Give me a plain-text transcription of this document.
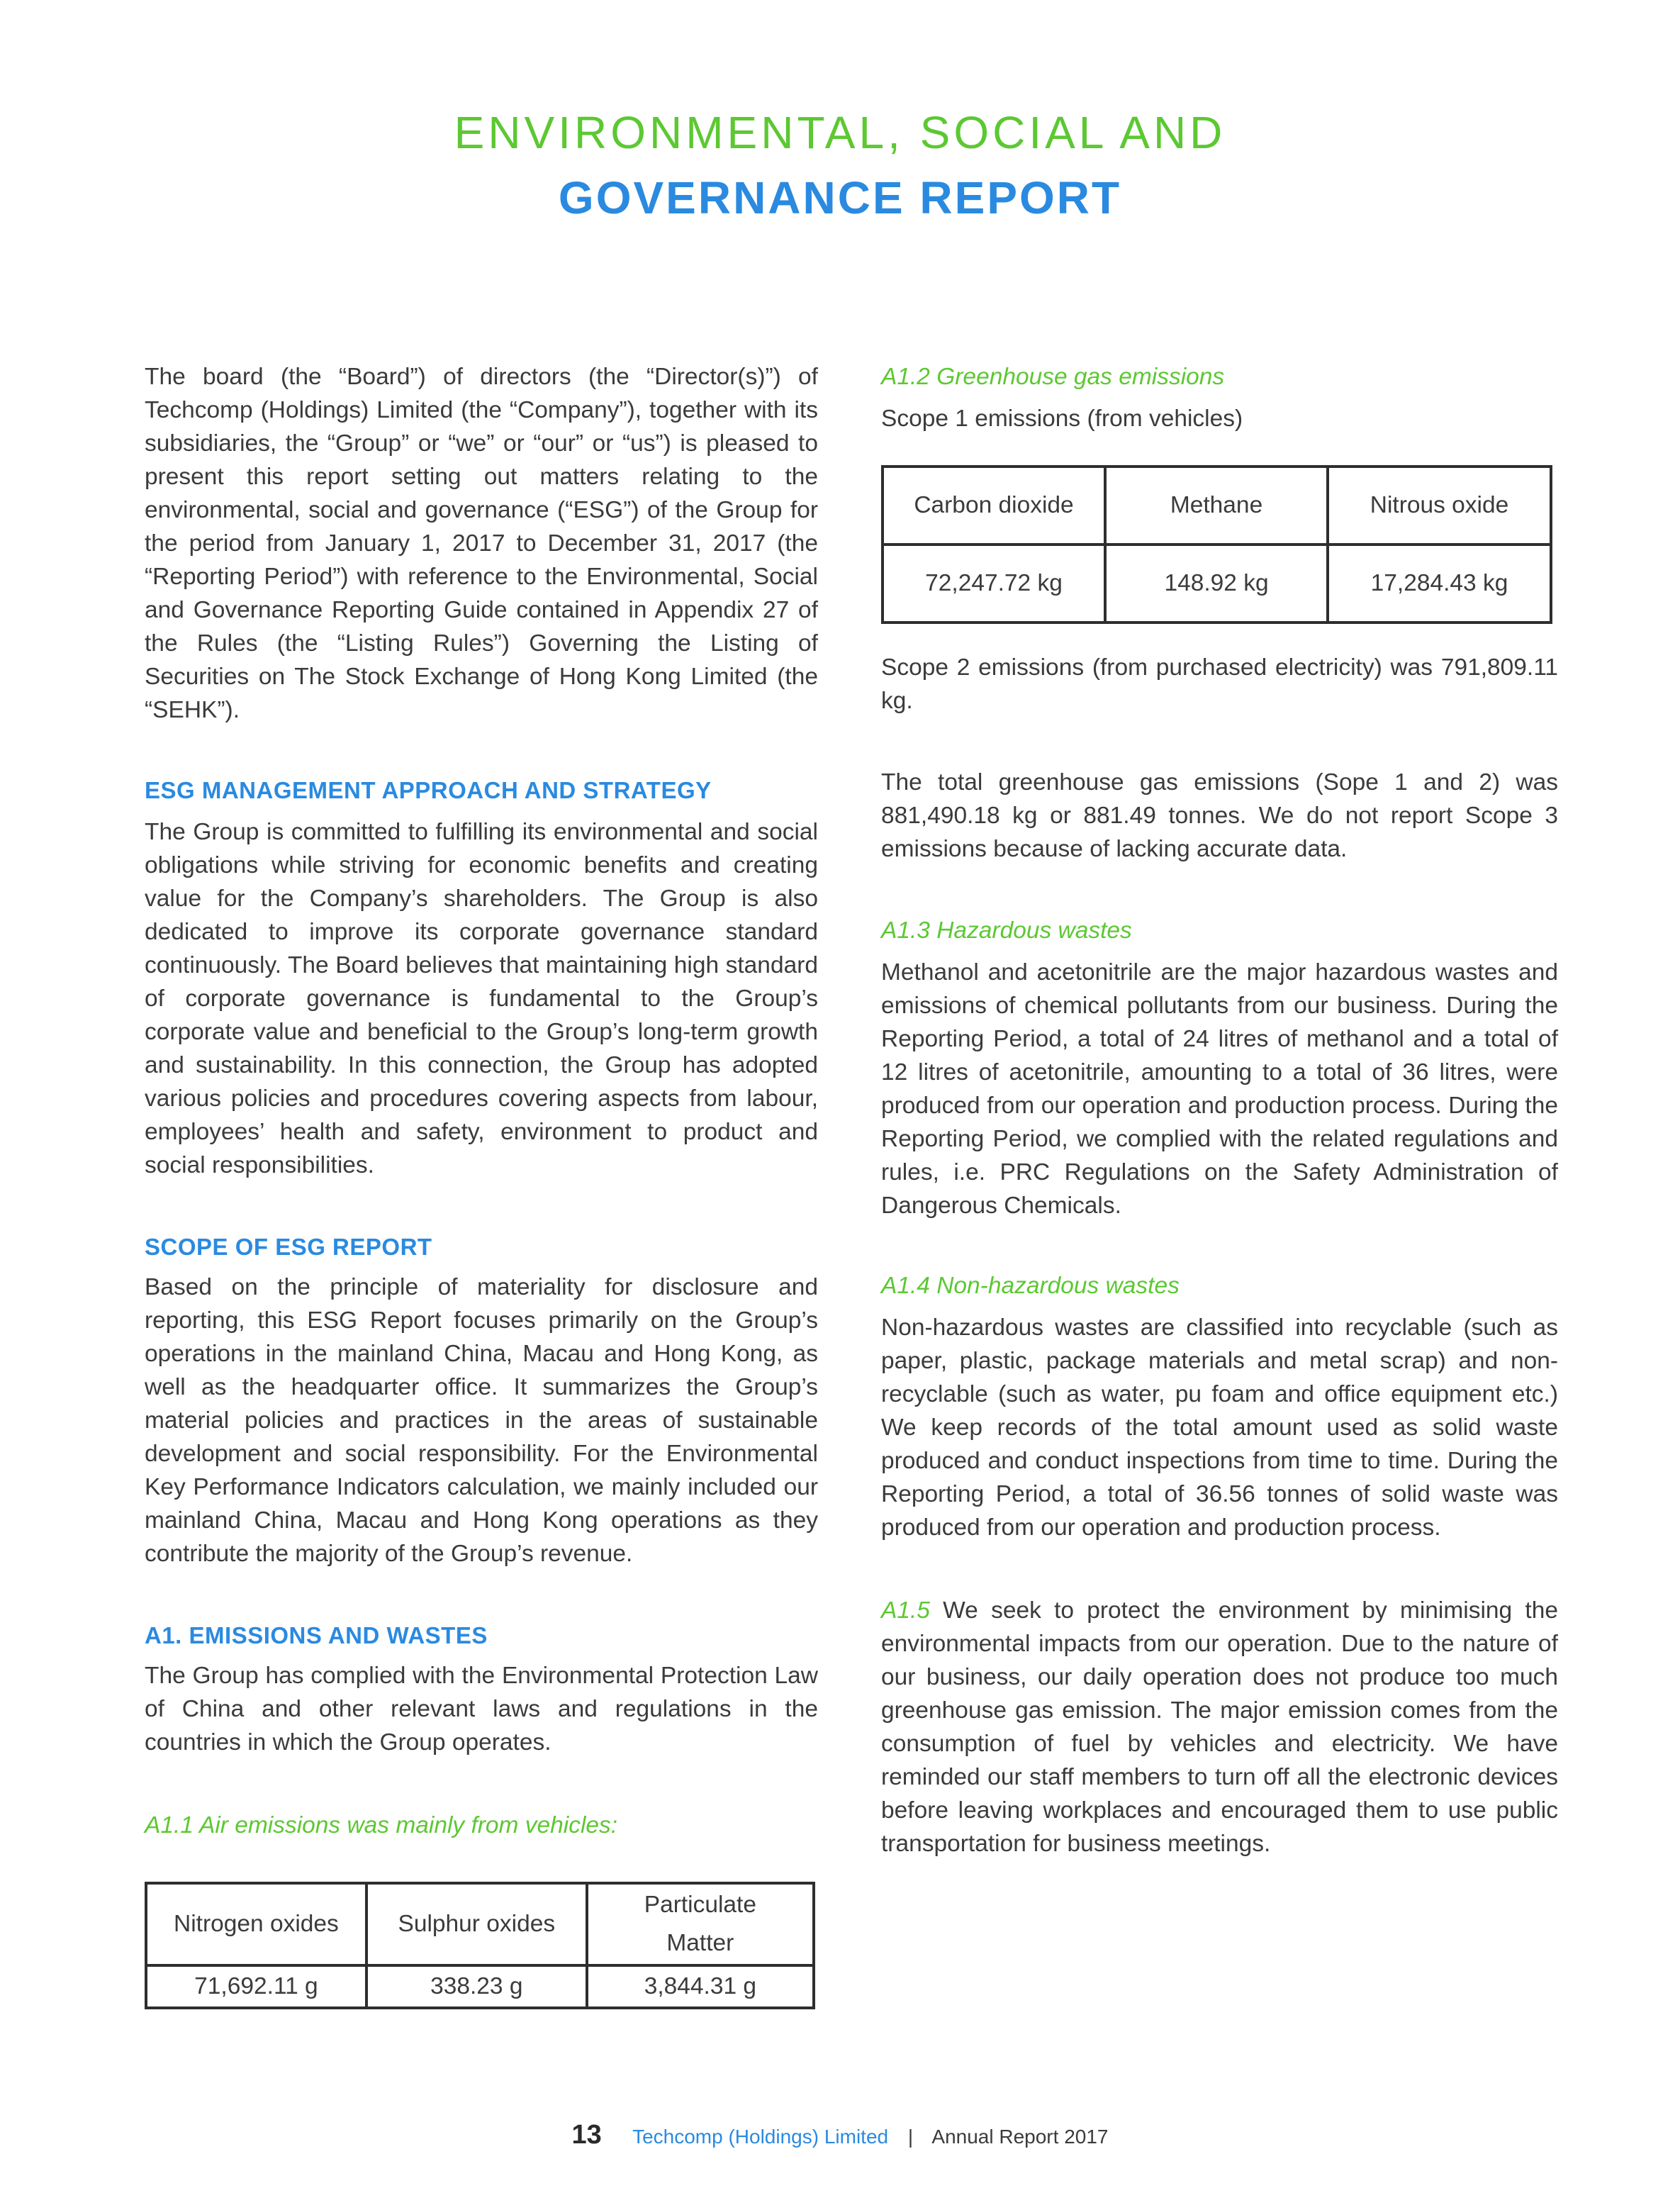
ENVIRONMENTAL, SOCIAL AND
GOVERNANCE REPORT

The board (the “Board”) of directors (the “Director(s)”) of Techcomp (Holdings) Limited (the “Company”), together with its subsidiaries, the “Group” or “we” or “our” or “us”) is pleased to present this report setting out matters relating to the environmental, social and governance (“ESG”) of the Group for the period from January 1, 2017 to December 31, 2017 (the “Reporting Period”) with reference to the Environmental, Social and Governance Reporting Guide contained in Appendix 27 of the Rules (the “Listing Rules”) Governing the Listing of Securities on The Stock Exchange of Hong Kong Limited (the “SEHK”).

ESG MANAGEMENT APPROACH AND STRATEGY

The Group is committed to fulfilling its environmental and social obligations while striving for economic benefits and creating value for the Company’s shareholders. The Group is also dedicated to improve its corporate governance standard continuously. The Board believes that maintaining high standard of corporate governance is fundamental to the Group’s corporate value and beneficial to the Group’s long-term growth and sustainability. In this connection, the Group has adopted various policies and procedures covering aspects from labour, employees’ health and safety, environment to product and social responsibilities.

SCOPE OF ESG REPORT

Based on the principle of materiality for disclosure and reporting, this ESG Report focuses primarily on the Group’s operations in the mainland China, Macau and Hong Kong, as well as the headquarter office. It summarizes the Group’s material policies and practices in the areas of sustainable development and social responsibility. For the Environmental Key Performance Indicators calculation, we mainly included our mainland China, Macau and Hong Kong operations as they contribute the majority of the Group’s revenue.

A1. EMISSIONS AND WASTES

The Group has complied with the Environmental Protection Law of China and other relevant laws and regulations in the countries in which the Group operates.

A1.1 Air emissions was mainly from vehicles:
Nitrogen oxides	Sulphur oxides	Particulate Matter
71,692.11 g	338.23 g	3,844.31 g
A1.2 Greenhouse gas emissions

Scope 1 emissions (from vehicles)

Carbon dioxide	Methane	Nitrous oxide
72,247.72 kg	148.92 kg	17,284.43 kg

Scope 2 emissions (from purchased electricity) was 791,809.11 kg.

The total greenhouse gas emissions (Sope 1 and 2) was 881,490.18 kg or 881.49 tonnes. We do not report Scope 3 emissions because of lacking accurate data.

A1.3 Hazardous wastes

Methanol and acetonitrile are the major hazardous wastes and emissions of chemical pollutants from our business. During the Reporting Period, a total of 24 litres of methanol and a total of 12 litres of acetonitrile, amounting to a total of 36 litres, were produced from our operation and production process. During the Reporting Period, we complied with the related regulations and rules, i.e. PRC Regulations on the Safety Administration of Dangerous Chemicals.

A1.4 Non-hazardous wastes

Non-hazardous wastes are classified into recyclable (such as paper, plastic, package materials and metal scrap) and non-recyclable (such as water, pu foam and office equipment etc.) We keep records of the total amount used as solid waste produced and conduct inspections from time to time. During the Reporting Period, a total of 36.56 tonnes of solid waste was produced from our operation and production process.

A1.5 We seek to protect the environment by minimising the environmental impacts from our operation. Due to the nature of our business, our daily operation does not produce too much greenhouse gas emission. The major emission comes from the consumption of fuel by vehicles and electricity. We have reminded our staff members to turn off all the electronic devices before leaving workplaces and encouraged them to use public transportation for business meetings.

13 Techcomp (Holdings) Limited | Annual Report 2017
